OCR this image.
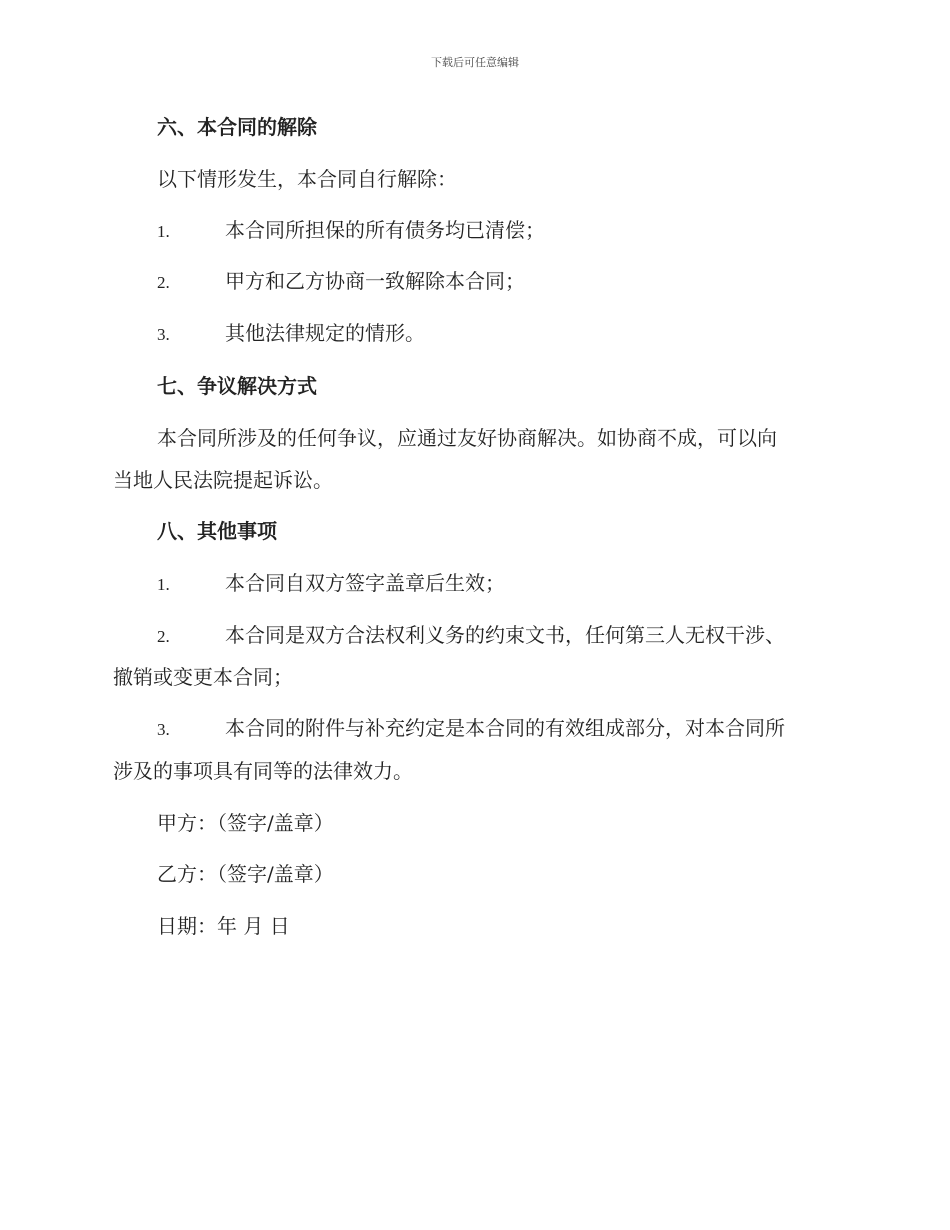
下载后可任意编辑
六、本合同的解除
以下情形发生，本合同自行解除：
1.	本合同所担保的所有债务均已清偿；
2.	甲方和乙方协商一致解除本合同；
3.	其他法律规定的情形。
七、争议解决方式
本合同所涉及的任何争议，应通过友好协商解决。如协商不成，可以向
当地人民法院提起诉讼。
八、其他事项
1.	本合同自双方签字盖章后生效；
2.	本合同是双方合法权利义务的约束文书，任何第三人无权干涉、
撤销或变更本合同；
3.	本合同的附件与补充约定是本合同的有效组成部分，对本合同所
涉及的事项具有同等的法律效力。
甲方：（签字/盖章）
乙方：（签字/盖章）
日期：年 月 日
